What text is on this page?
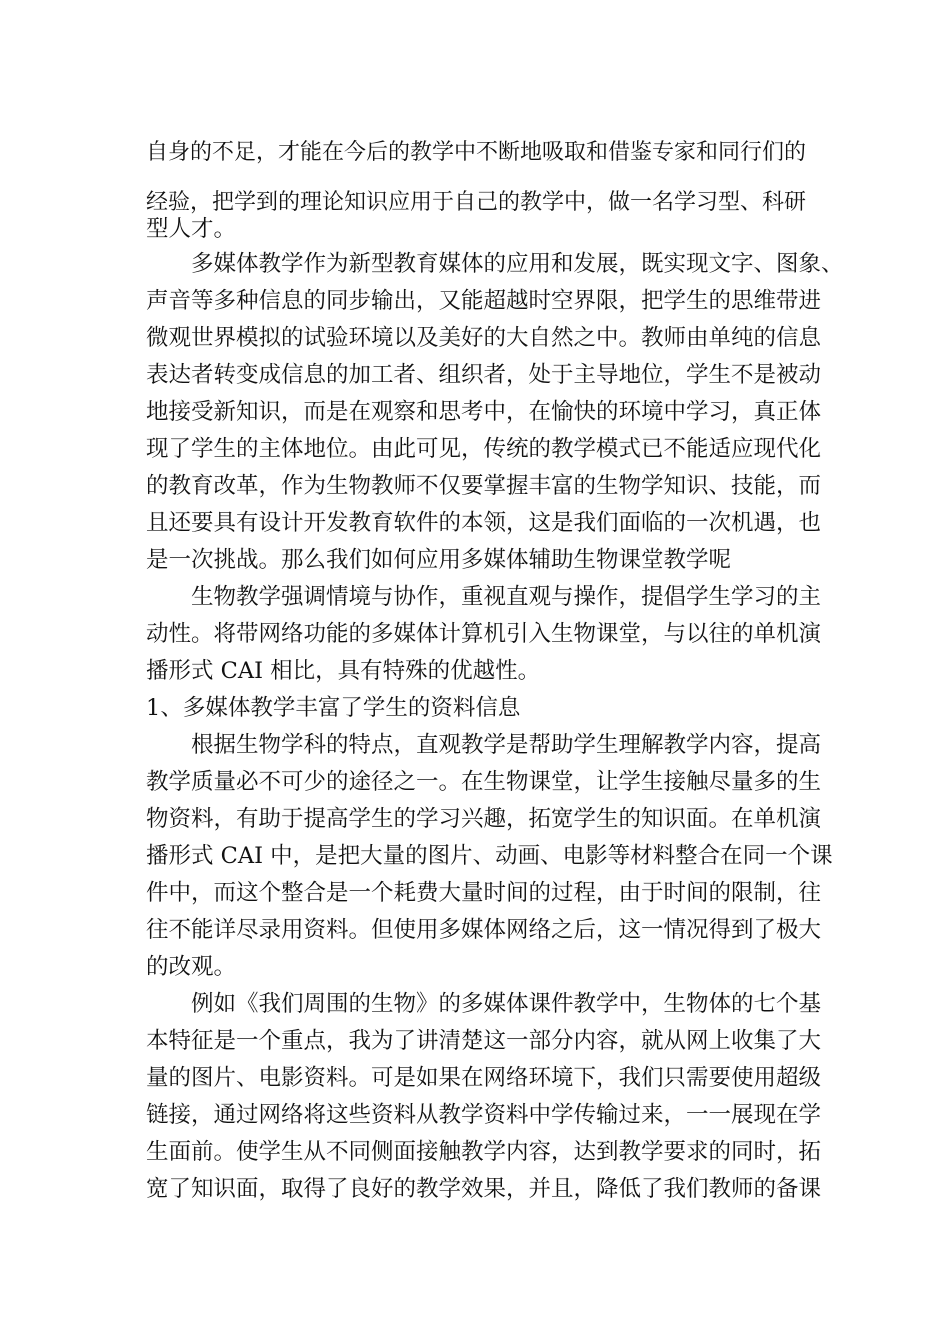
自身的不足，才能在今后的教学中不断地吸取和借鉴专家和同行们的
经验，把学到的理论知识应用于自己的教学中，做一名学习型、科研
型人才。
多媒体教学作为新型教育媒体的应用和发展，既实现文字、图象、
声音等多种信息的同步输出，又能超越时空界限，把学生的思维带进
微观世界模拟的试验环境以及美好的大自然之中。教师由单纯的信息
表达者转变成信息的加工者、组织者，处于主导地位，学生不是被动
地接受新知识，而是在观察和思考中，在愉快的环境中学习，真正体
现了学生的主体地位。由此可见，传统的教学模式已不能适应现代化
的教育改革，作为生物教师不仅要掌握丰富的生物学知识、技能，而
且还要具有设计开发教育软件的本领，这是我们面临的一次机遇，也
是一次挑战。那么我们如何应用多媒体辅助生物课堂教学呢
生物教学强调情境与协作，重视直观与操作，提倡学生学习的主
动性。将带网络功能的多媒体计算机引入生物课堂，与以往的单机演
播形式 CAI 相比，具有特殊的优越性。
1、多媒体教学丰富了学生的资料信息
根据生物学科的特点，直观教学是帮助学生理解教学内容，提高
教学质量必不可少的途径之一。在生物课堂，让学生接触尽量多的生
物资料，有助于提高学生的学习兴趣，拓宽学生的知识面。在单机演
播形式 CAI 中，是把大量的图片、动画、电影等材料整合在同一个课
件中，而这个整合是一个耗费大量时间的过程，由于时间的限制，往
往不能详尽录用资料。但使用多媒体网络之后，这一情况得到了极大
的改观。
例如《我们周围的生物》的多媒体课件教学中，生物体的七个基
本特征是一个重点，我为了讲清楚这一部分内容，就从网上收集了大
量的图片、电影资料。可是如果在网络环境下，我们只需要使用超级
链接，通过网络将这些资料从教学资料中学传输过来，一一展现在学
生面前。使学生从不同侧面接触教学内容，达到教学要求的同时，拓
宽了知识面，取得了良好的教学效果，并且，降低了我们教师的备课
